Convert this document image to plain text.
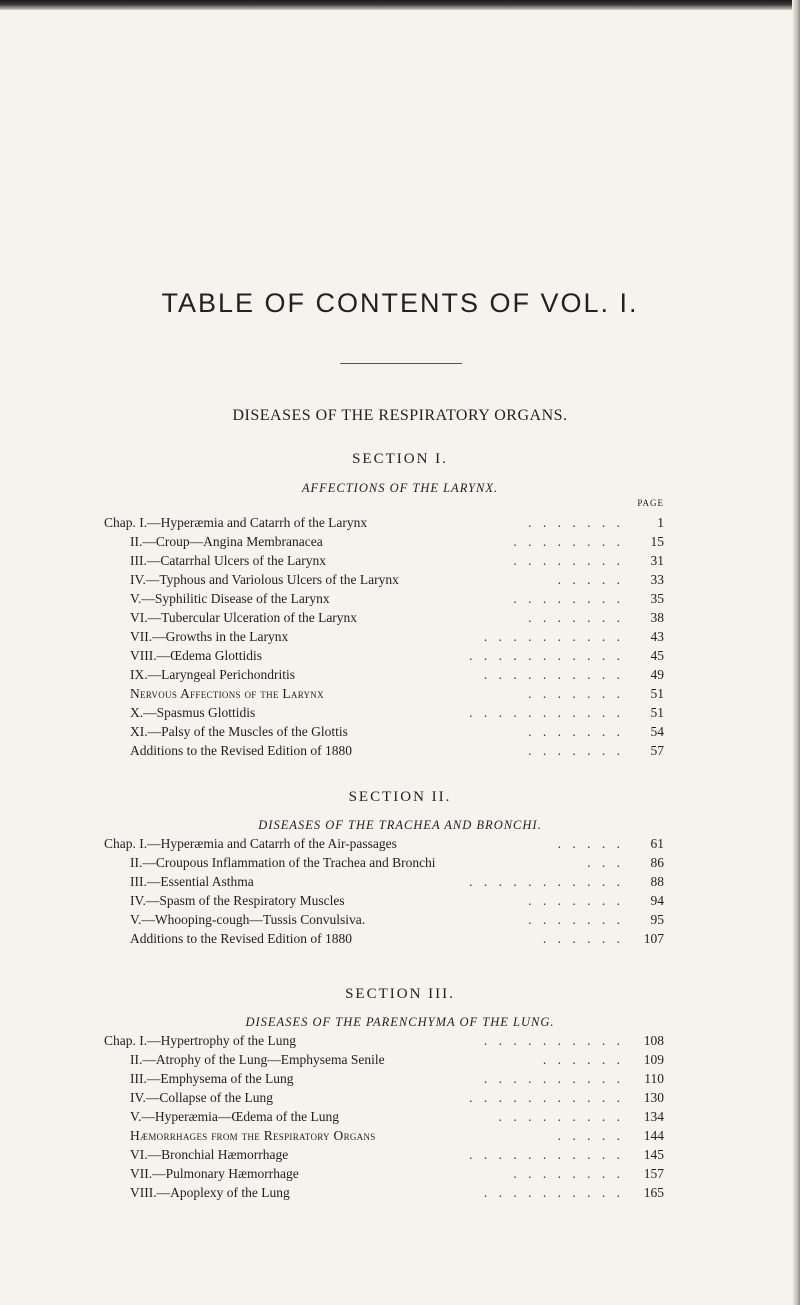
TABLE OF CONTENTS OF VOL. I.
DISEASES OF THE RESPIRATORY ORGANS.
SECTION I.
AFFECTIONS OF THE LARYNX.
PAGE
Chap. I.—Hyperæmia and Catarrh of the Larynx	. . . . . . .	1
II.—Croup—Angina Membranacea	. . . . . . . .	15
III.—Catarrhal Ulcers of the Larynx	. . . . . . . .	31
IV.—Typhous and Variolous Ulcers of the Larynx	. . . . .	33
V.—Syphilitic Disease of the Larynx	. . . . . . . .	35
VI.—Tubercular Ulceration of the Larynx	. . . . . . .	38
VII.—Growths in the Larynx	. . . . . . . . . .	43
VIII.—Œdema Glottidis	. . . . . . . . . . .	45
IX.—Laryngeal Perichondritis	. . . . . . . . . .	49
Nervous Affections of the Larynx	. . . . . . .	51
X.—Spasmus Glottidis	. . . . . . . . . . .	51
XI.—Palsy of the Muscles of the Glottis	. . . . . . .	54
Additions to the Revised Edition of 1880	. . . . . . .	57
SECTION II.
DISEASES OF THE TRACHEA AND BRONCHI.
Chap. I.—Hyperæmia and Catarrh of the Air-passages	. . . . .	61
II.—Croupous Inflammation of the Trachea and Bronchi	. . .	86
III.—Essential Asthma	. . . . . . . . . . .	88
IV.—Spasm of the Respiratory Muscles	. . . . . . .	94
V.—Whooping-cough—Tussis Convulsiva.	. . . . . . .	95
Additions to the Revised Edition of 1880	. . . . . .	107
SECTION III.
DISEASES OF THE PARENCHYMA OF THE LUNG.
Chap. I.—Hypertrophy of the Lung	. . . . . . . . . .	108
II.—Atrophy of the Lung—Emphysema Senile	. . . . . .	109
III.—Emphysema of the Lung	. . . . . . . . . .	110
IV.—Collapse of the Lung	. . . . . . . . . . .	130
V.—Hyperæmia—Œdema of the Lung	. . . . . . . . .	134
Hæmorrhages from the Respiratory Organs	. . . . .	144
VI.—Bronchial Hæmorrhage	. . . . . . . . . . .	145
VII.—Pulmonary Hæmorrhage	. . . . . . . .	157
VIII.—Apoplexy of the Lung	. . . . . . . . . .	165
